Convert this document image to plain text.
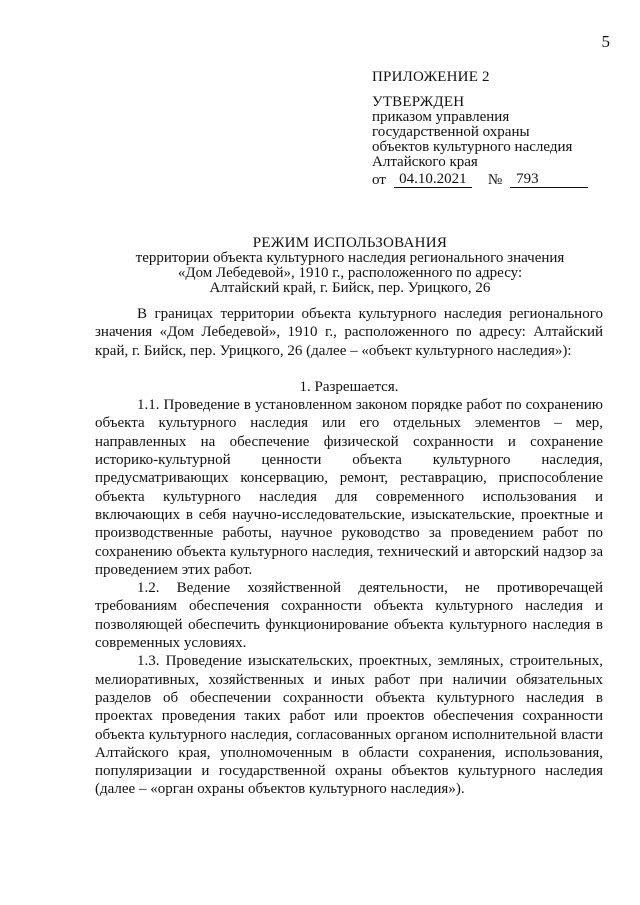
5
ПРИЛОЖЕНИЕ 2
УТВЕРЖДЕН
приказом управления
государственной охраны
объектов культурного наследия
Алтайского края
от 04.10.2021	№ 793
РЕЖИМ ИСПОЛЬЗОВАНИЯ
территории объекта культурного наследия регионального значения
«Дом Лебедевой», 1910 г., расположенного по адресу:
Алтайский край, г. Бийск, пер. Урицкого, 26

В границах территории объекта культурного наследия регионального значения «Дом Лебедевой», 1910 г., расположенного по адресу: Алтайский край, г. Бийск, пер. Урицкого, 26 (далее – «объект культурного наследия»):

1. Разрешается.

1.1. Проведение в установленном законом порядке работ по сохранению объекта культурного наследия или его отдельных элементов – мер, направленных на обеспечение физической сохранности и сохранение историко-культурной ценности объекта культурного наследия, предусматривающих консервацию, ремонт, реставрацию, приспособление объекта культурного наследия для современного использования и включающих в себя научно-исследовательские, изыскательские, проектные и производственные работы, научное руководство за проведением работ по сохранению объекта культурного наследия, технический и авторский надзор за проведением этих работ.

1.2. Ведение хозяйственной деятельности, не противоречащей требованиям обеспечения сохранности объекта культурного наследия и позволяющей обеспечить функционирование объекта культурного наследия в современных условиях.

1.3. Проведение изыскательских, проектных, земляных, строительных, мелиоративных, хозяйственных и иных работ при наличии обязательных разделов об обеспечении сохранности объекта культурного наследия в проектах проведения таких работ или проектов обеспечения сохранности объекта культурного наследия, согласованных органом исполнительной власти Алтайского края, уполномоченным в области сохранения, использования, популяризации и государственной охраны объектов культурного наследия (далее – «орган охраны объектов культурного наследия»).
